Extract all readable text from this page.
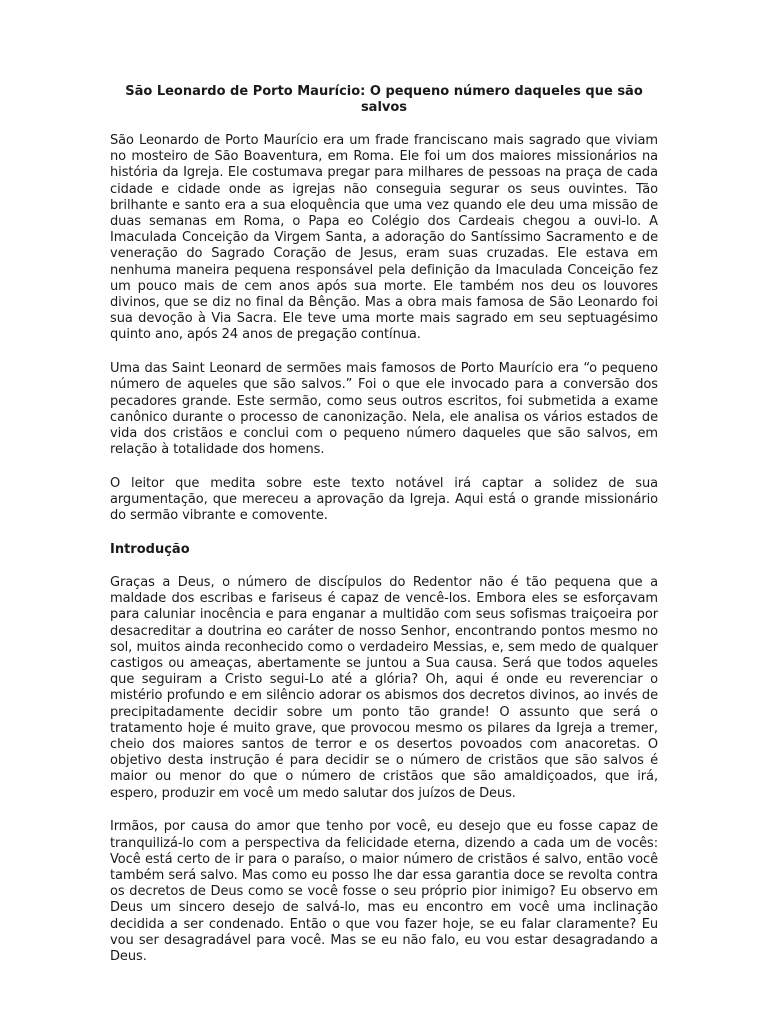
São Leonardo de Porto Maurício: O pequeno número daqueles que são salvos

São Leonardo de Porto Maurício era um frade franciscano mais sagrado que viviam no mosteiro de São Boaventura, em Roma. Ele foi um dos maiores missionários na história da Igreja. Ele costumava pregar para milhares de pessoas na praça de cada cidade e cidade onde as igrejas não conseguia segurar os seus ouvintes. Tão brilhante e santo era a sua eloquência que uma vez quando ele deu uma missão de duas semanas em Roma, o Papa eo Colégio dos Cardeais chegou a ouvi-lo. A Imaculada Conceição da Virgem Santa, a adoração do Santíssimo Sacramento e de veneração do Sagrado Coração de Jesus, eram suas cruzadas. Ele estava em nenhuma maneira pequena responsável pela definição da Imaculada Conceição fez um pouco mais de cem anos após sua morte. Ele também nos deu os louvores divinos, que se diz no final da Bênção. Mas a obra mais famosa de São Leonardo foi sua devoção à Via Sacra. Ele teve uma morte mais sagrado em seu septuagésimo quinto ano, após 24 anos de pregação contínua.

Uma das Saint Leonard de sermões mais famosos de Porto Maurício era “o pequeno número de aqueles que são salvos.” Foi o que ele invocado para a conversão dos pecadores grande. Este sermão, como seus outros escritos, foi submetida a exame canônico durante o processo de canonização. Nela, ele analisa os vários estados de vida dos cristãos e conclui com o pequeno número daqueles que são salvos, em relação à totalidade dos homens.

O leitor que medita sobre este texto notável irá captar a solidez de sua argumentação, que mereceu a aprovação da Igreja. Aqui está o grande missionário do sermão vibrante e comovente.

Introdução

Graças a Deus, o número de discípulos do Redentor não é tão pequena que a maldade dos escribas e fariseus é capaz de vencê-los. Embora eles se esforçavam para caluniar inocência e para enganar a multidão com seus sofismas traiçoeira por desacreditar a doutrina eo caráter de nosso Senhor, encontrando pontos mesmo no sol, muitos ainda reconhecido como o verdadeiro Messias, e, sem medo de qualquer castigos ou ameaças, abertamente se juntou a Sua causa. Será que todos aqueles que seguiram a Cristo segui-Lo até a glória? Oh, aqui é onde eu reverenciar o mistério profundo e em silêncio adorar os abismos dos decretos divinos, ao invés de precipitadamente decidir sobre um ponto tão grande! O assunto que será o tratamento hoje é muito grave, que provocou mesmo os pilares da Igreja a tremer, cheio dos maiores santos de terror e os desertos povoados com anacoretas. O objetivo desta instrução é para decidir se o número de cristãos que são salvos é maior ou menor do que o número de cristãos que são amaldiçoados, que irá, espero, produzir em você um medo salutar dos juízos de Deus.

Irmãos, por causa do amor que tenho por você, eu desejo que eu fosse capaz de tranquilizá-lo com a perspectiva da felicidade eterna, dizendo a cada um de vocês: Você está certo de ir para o paraíso, o maior número de cristãos é salvo, então você também será salvo. Mas como eu posso lhe dar essa garantia doce se revolta contra os decretos de Deus como se você fosse o seu próprio pior inimigo? Eu observo em Deus um sincero desejo de salvá-lo, mas eu encontro em você uma inclinação decidida a ser condenado. Então o que vou fazer hoje, se eu falar claramente? Eu vou ser desagradável para você. Mas se eu não falo, eu vou estar desagradando a Deus.
